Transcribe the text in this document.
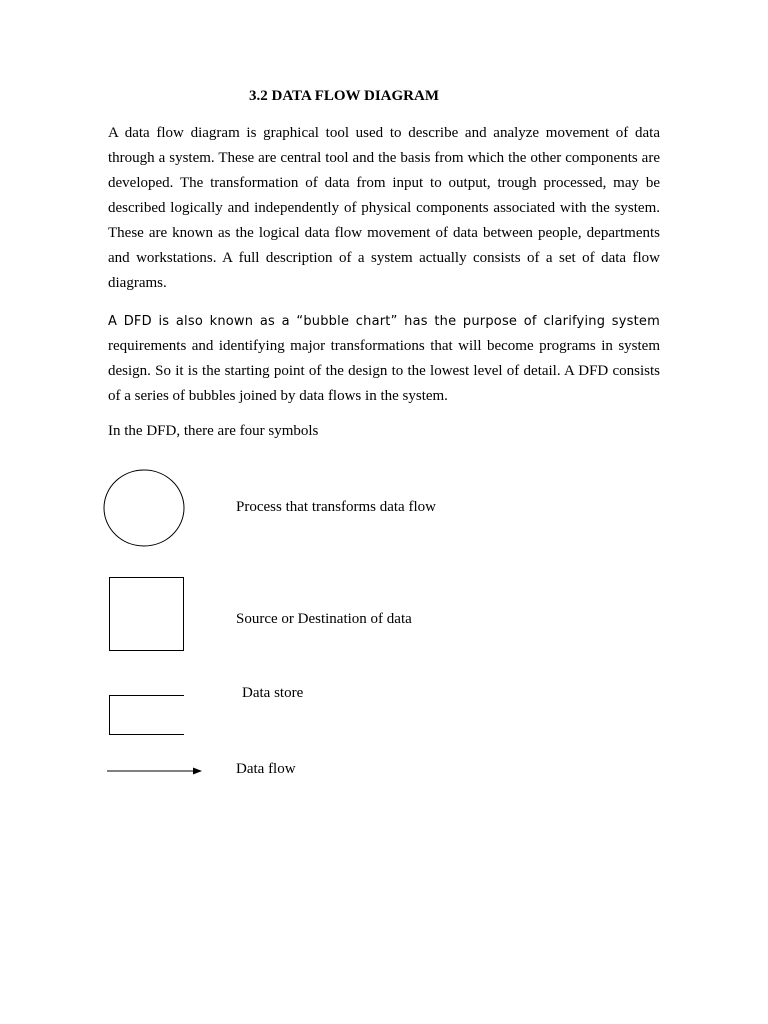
3.2 DATA FLOW DIAGRAM
A data flow diagram is graphical tool used to describe and analyze movement of data through a system. These are central tool and the basis from which the other components are developed. The transformation of data from input to output, trough processed, may be described logically and independently of physical components associated with the system. These are known as the logical data flow movement of data between people, departments and workstations. A full description of a system actually consists of a set of data flow diagrams.
A DFD is also known as a “bubble chart” has the purpose of clarifying system requirements and identifying major transformations that will become programs in system design. So it is the starting point of the design to the lowest level of detail. A DFD consists of a series of bubbles joined by data flows in the system.
In the DFD, there are four symbols
Process that transforms data flow
Source or Destination of data
Data store
Data flow
